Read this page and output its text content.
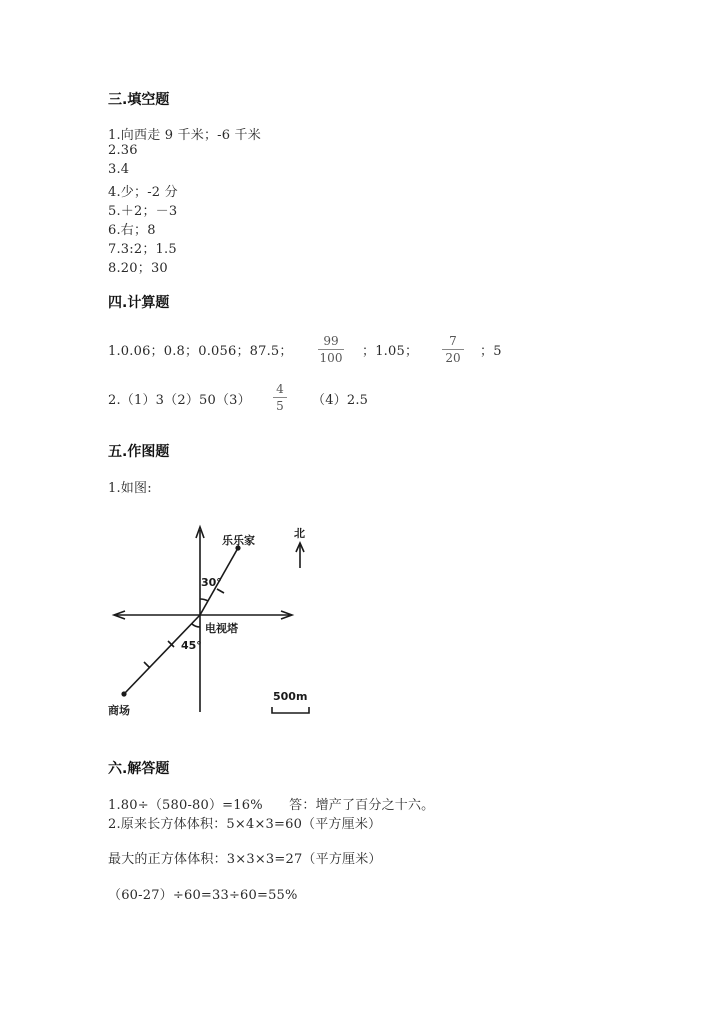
三.填空题
1.向西走 9 千米；-6 千米
2.36
3.4
4.少；-2 分
5.＋2；－3
6.右；8
7.3:2；1.5
8.20；30
四.计算题
1.0.06；0.8；0.056；87.5；
99
100 ；1.05；
7
20 ；5
2.（1）3（2）50（3）
4
5 （4）2.5
五.作图题
1.如图:
乐乐家
北
30°
电视塔
45°
商场
500m
六.解答题
1.80÷（580-80）=16%　　答：增产了百分之十六。
2.原来长方体体积：5×4×3=60（平方厘米）
最大的正方体体积：3×3×3=27（平方厘米）
（60-27）÷60=33÷60=55%
